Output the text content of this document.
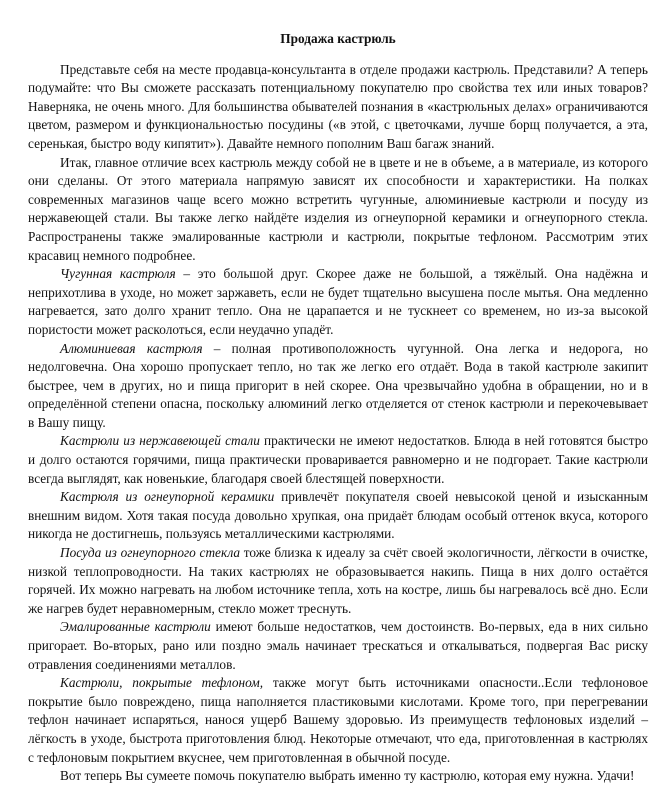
Продажа кастрюль

Представьте себя на месте продавца-консультанта в отделе продажи кастрюль. Представили? А теперь подумайте: что Вы сможете рассказать потенциальному покупателю про свойства тех или иных товаров? Наверняка, не очень много. Для большинства обывателей познания в «кастрюльных делах» ограничиваются цветом, размером и функциональностью посудины («в этой, с цветочками, лучше борщ получается, а эта, серенькая, быстро воду кипятит»). Давайте немного пополним Ваш багаж знаний.

Итак, главное отличие всех кастрюль между собой не в цвете и не в объеме, а в материале, из которого они сделаны. От этого материала напрямую зависят их способности и характеристики. На полках современных магазинов чаще всего можно встретить чугунные, алюминиевые кастрюли и посуду из нержавеющей стали. Вы также легко найдёте изделия из огнеупорной керамики и огнеупорного стекла. Распространены также эмалированные кастрюли и кастрюли, покрытые тефлоном. Рассмотрим этих красавиц немного подробнее.

Чугунная кастрюля – это большой друг. Скорее даже не большой, а тяжёлый. Она надёжна и неприхотлива в уходе, но может заржаветь, если не будет тщательно высушена после мытья. Она медленно нагревается, зато долго хранит тепло. Она не царапается и не тускнеет со временем, но из-за высокой пористости может расколоться, если неудачно упадёт.

Алюминиевая кастрюля – полная противоположность чугунной. Она легка и недорога, но недолговечна. Она хорошо пропускает тепло, но так же легко его отдаёт. Вода в такой кастрюле закипит быстрее, чем в других, но и пища пригорит в ней скорее. Она чрезвычайно удобна в обращении, но и в определённой степени опасна, поскольку алюминий легко отделяется от стенок кастрюли и перекочевывает в Вашу пищу.

Кастрюли из нержавеющей стали практически не имеют недостатков. Блюда в ней готовятся быстро и долго остаются горячими, пища практически проваривается равномерно и не подгорает. Такие кастрюли всегда выглядят, как новенькие, благодаря своей блестящей поверхности.

Кастрюля из огнеупорной керамики привлечёт покупателя своей невысокой ценой и изысканным внешним видом. Хотя такая посуда довольно хрупкая, она придаёт блюдам особый оттенок вкуса, которого никогда не достигнешь, пользуясь металлическими кастрюлями.

Посуда из огнеупорного стекла тоже близка к идеалу за счёт своей экологичности, лёгкости в очистке, низкой теплопроводности. На таких кастрюлях не образовывается накипь. Пища в них долго остаётся горячей. Их можно нагревать на любом источнике тепла, хоть на костре, лишь бы нагревалось всё дно. Если же нагрев будет неравномерным, стекло может треснуть.

Эмалированные кастрюли имеют больше недостатков, чем достоинств. Во-первых, еда в них сильно пригорает. Во-вторых, рано или поздно эмаль начинает трескаться и откалываться, подвергая Вас риску отравления соединениями металлов.

Кастрюли, покрытые тефлоном, также могут быть источниками опасности..Если тефлоновое покрытие было повреждено, пища наполняется пластиковыми кислотами. Кроме того, при перегревании тефлон начинает испаряться, нанося ущерб Вашему здоровью. Из преимуществ тефлоновых изделий – лёгкость в уходе, быстрота приготовления блюд. Некоторые отмечают, что еда, приготовленная в кастрюлях с тефлоновым покрытием вкуснее, чем приготовленная в обычной посуде.

Вот теперь Вы сумеете помочь покупателю выбрать именно ту кастрюлю, которая ему нужна. Удачи!
